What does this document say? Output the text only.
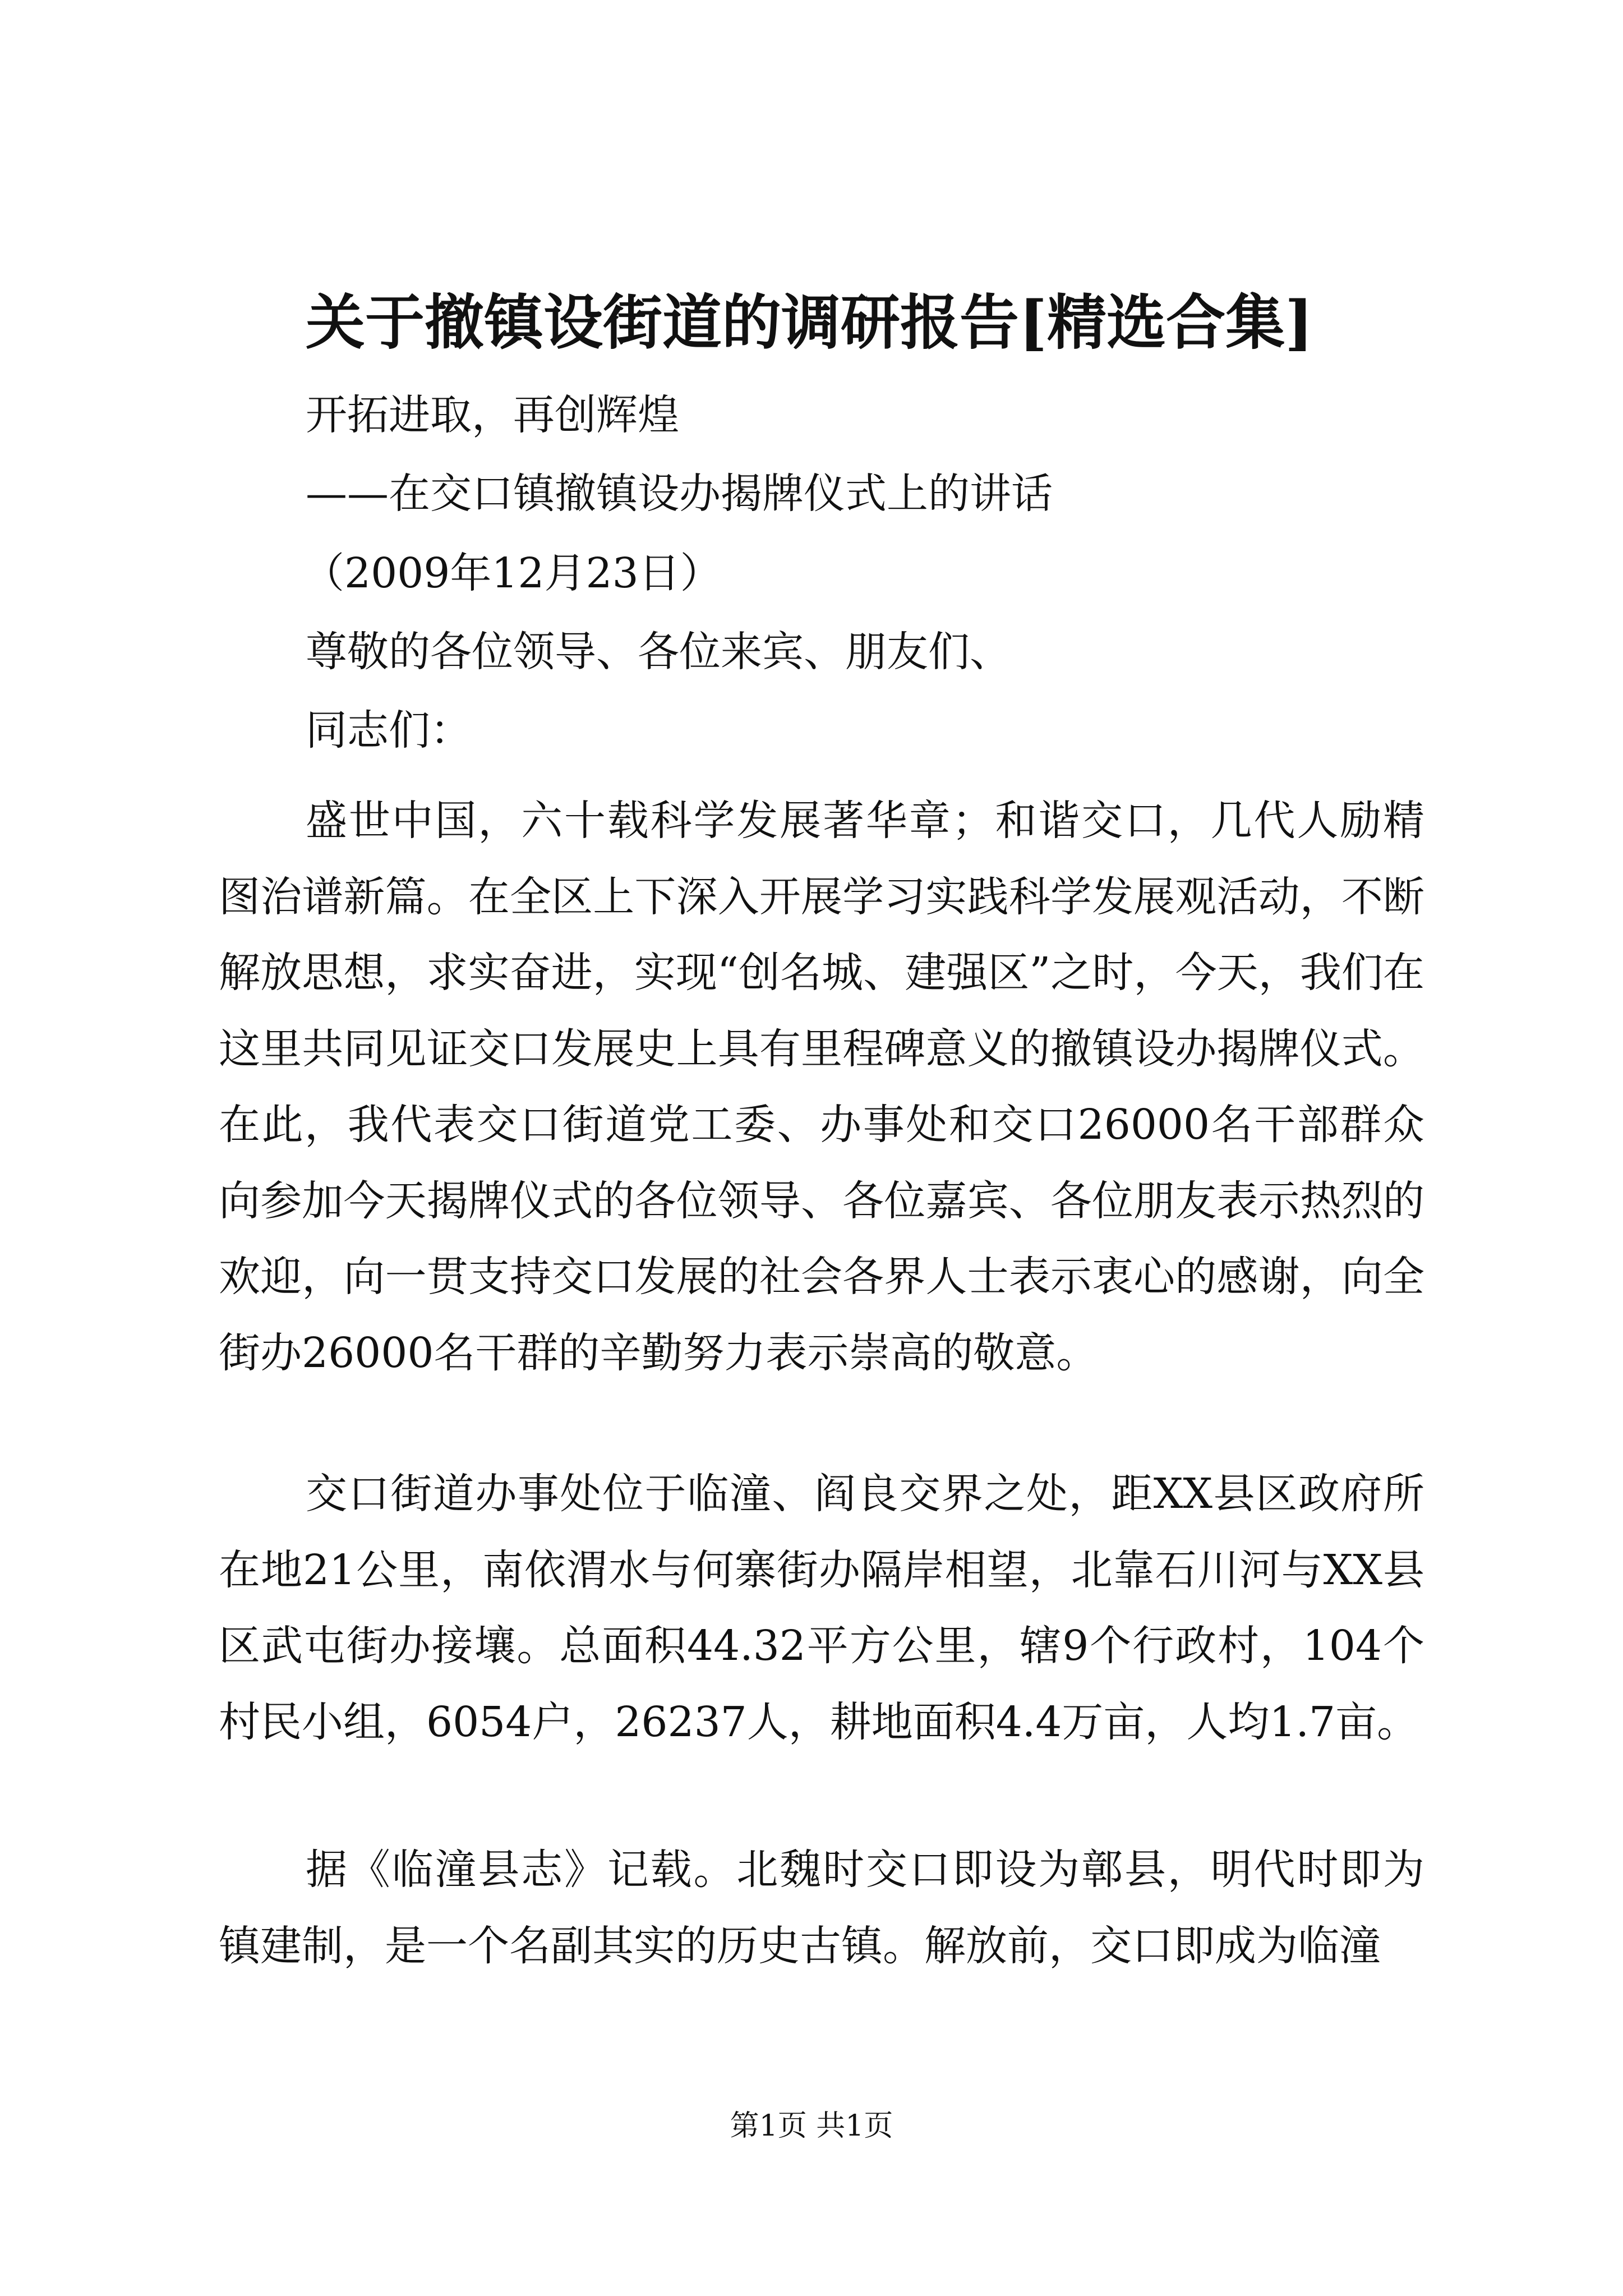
关于撤镇设街道的调研报告[精选合集]
开拓进取，再创辉煌
——在交口镇撤镇设办揭牌仪式上的讲话
（2009年12月23日）
尊敬的各位领导、各位来宾、朋友们、
同志们：

盛世中国，六十载科学发展著华章；和谐交口，几代人励精图治谱新篇。在全区上下深入开展学习实践科学发展观活动，不断解放思想，求实奋进，实现“创名城、建强区”之时，今天，我们在这里共同见证交口发展史上具有里程碑意义的撤镇设办揭牌仪式。在此，我代表交口街道党工委、办事处和交口26000名干部群众向参加今天揭牌仪式的各位领导、各位嘉宾、各位朋友表示热烈的欢迎，向一贯支持交口发展的社会各界人士表示衷心的感谢，向全街办26000名干群的辛勤努力表示崇高的敬意。

交口街道办事处位于临潼、阎良交界之处，距XX县区政府所在地21公里，南依渭水与何寨街办隔岸相望，北靠石川河与XX县区武屯街办接壤。总面积44.32平方公里，辖9个行政村，104个村民小组，6054户，26237人，耕地面积4.4万亩，人均1.7亩。

据《临潼县志》记载。北魏时交口即设为鄣县，明代时即为镇建制，是一个名副其实的历史古镇。解放前，交口即成为临潼

第1页 共1页
